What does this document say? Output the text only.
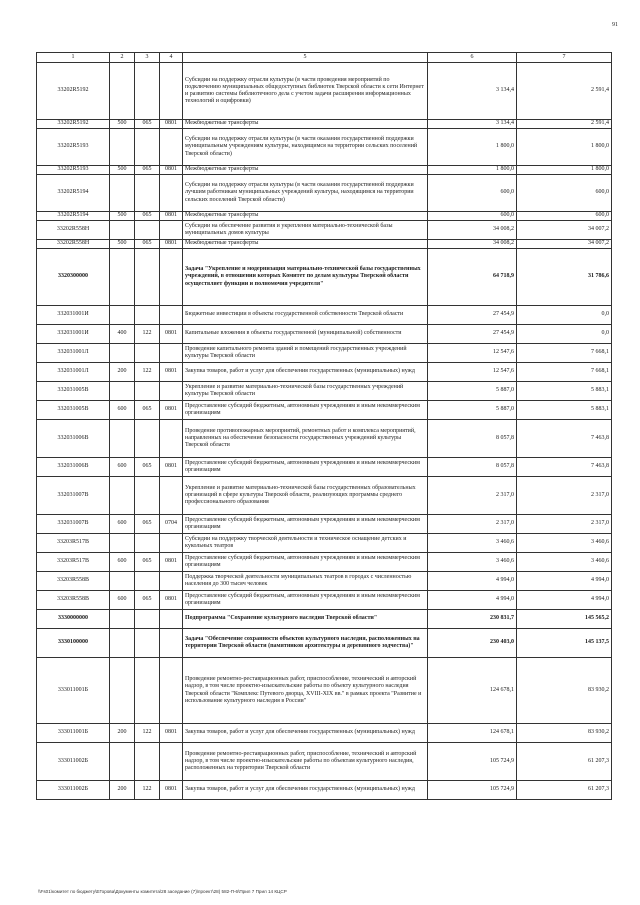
91
1	2	3	4	5	6	7
33202R5192				Субсидии на поддержку отрасли культуры (в части проведения мероприятий по подключению муниципальных общедоступных библиотек Тверской области к сети Интернет и развитию системы библиотечного дела с учетом задачи расширения информационных технологий и оцифровки)	3 134,4	2 591,4
33202R5192	500	065	0801	Межбюджетные трансферты	3 134,4	2 591,4
33202R5193				Субсидии на поддержку отрасли культуры (в части оказания государственной поддержки муниципальным учреждениям культуры, находящимся на территории сельских поселений Тверской области)	1 800,0	1 800,0
33202R5193	500	065	0801	Межбюджетные трансферты	1 800,0	1 800,0
33202R5194				Субсидии на поддержку отрасли культуры (в части оказания государственной поддержки лучшим работникам муниципальных учреждений культуры, находящимся на территории сельских поселений Тверской области)	600,0	600,0
33202R5194	500	065	0801	Межбюджетные трансферты	600,0	600,0
33202R558Н				Субсидии на обеспечение развития и укрепления материально-технической базы муниципальных домов культуры	34 008,2	34 007,2
33202R558Н	500	065	0801	Межбюджетные трансферты	34 008,2	34 007,2
3320300000				Задача "Укрепление и модернизация материально-технической базы государственных учреждений, в отношении которых Комитет по делам культуры Тверской области осуществляет функции и полномочия учредителя"	64 718,9	31 786,6
332031001И				Бюджетные инвестиции в объекты государственной собственности Тверской области	27 454,9	0,0
332031001И	400	122	0801	Капитальные вложения в объекты государственной (муниципальной) собственности	27 454,9	0,0
332031001Л				Проведение капитального ремонта зданий и помещений государственных учреждений культуры Тверской области	12 547,6	7 668,1
332031001Л	200	122	0801	Закупка товаров, работ и услуг для обеспечения государственных (муниципальных) нужд	12 547,6	7 668,1
332031005В				Укрепление и развитие материально-технической базы государственных учреждений культуры Тверской области	5 887,0	5 883,1
332031005В	600	065	0801	Предоставление субсидий бюджетным, автономным учреждениям и иным некоммерческим организациям	5 887,0	5 883,1
332031006В				Проведение противопожарных мероприятий, ремонтных работ и комплекса мероприятий, направленных на обеспечение безопасности государственных учреждений культуры Тверской области	8 057,8	7 463,8
332031006В	600	065	0801	Предоставление субсидий бюджетным, автономным учреждениям и иным некоммерческим организациям	8 057,8	7 463,8
332031007В				Укрепление и развитие материально-технической базы государственных образовательных организаций в сфере культуры Тверской области, реализующих программы среднего профессионального образования	2 317,0	2 317,0
332031007В	600	065	0704	Предоставление субсидий бюджетным, автономным учреждениям и иным некоммерческим организациям	2 317,0	2 317,0
33203R517В				Субсидии на поддержку творческой деятельности и техническое оснащение детских и кукольных театров	3 460,6	3 460,6
33203R517В	600	065	0801	Предоставление субсидий бюджетным, автономным учреждениям и иным некоммерческим организациям	3 460,6	3 460,6
33203R558В				Поддержка творческой деятельности муниципальных театров в городах с численностью населения до 300 тысяч человек	4 994,0	4 994,0
33203R558В	600	065	0801	Предоставление субсидий бюджетным, автономным учреждениям и иным некоммерческим организациям	4 994,0	4 994,0
3330000000				Подпрограмма "Сохранение культурного наследия Тверской области"	230 831,7	145 565,2
3330100000				Задача "Обеспечение сохранности объектов культурного наследия, расположенных на территории Тверской области (памятников архитектуры и деревянного зодчества)"	230 403,0	145 137,5
333011001Б				Проведение ремонтно-реставрационных работ, приспособление, технический и авторский надзор, в том числе проектно-изыскательские работы по объекту культурного наследия Тверской области "Комплекс Путевого дворца, XVIII-XIX вв." в рамках проекта "Развитие и использование культурного наследия в России"	124 678,1	83 930,2
333011001Б	200	122	0801	Закупка товаров, работ и услуг для обеспечения государственных (муниципальных) нужд	124 678,1	83 930,2
333011002Б				Проведение ремонтно-реставрационных работ, приспособление, технический и авторский надзор, в том числе проектно-изыскательские работы по объектам культурного наследия, расположенных на территории Тверской области	105 724,9	61 207,3
333011002Б	200	122	0801	Закупка товаров, работ и услуг для обеспечения государственных (муниципальных) нужд	105 724,9	61 207,3
\\Fs01\комитет по бюджету\ЕГорова\Документы комитета\28 заседание (7)\проект\28) 582-П-6\Прил 7 Прил 14 КЦСР
